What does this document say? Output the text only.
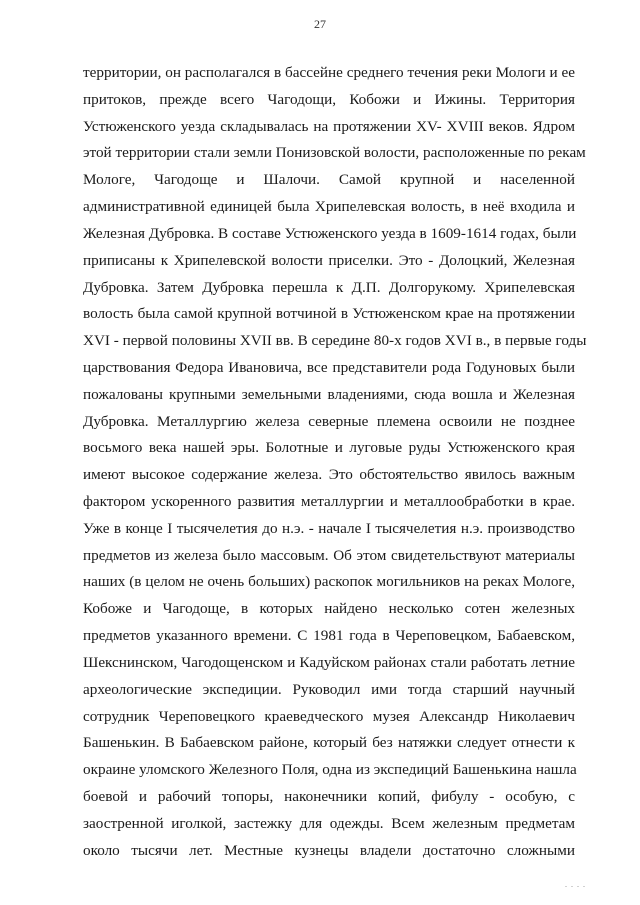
27
территории, он располагался в бассейне среднего течения реки Мологи и ее
притоков, прежде всего Чагодощи, Кобожи и Ижины. Территория
Устюженского уезда складывалась на протяжении XV- XVIII веков. Ядром
этой территории стали земли Понизовской волости, расположенные по рекам
Мологе, Чагодоще и Шалочи. Самой крупной и населенной
административной единицей была Хрипелевская волость, в неё входила и
Железная Дубровка. В составе Устюженского уезда в 1609-1614 годах, были
приписаны к Хрипелевской волости приселки. Это - Долоцкий, Железная
Дубровка. Затем Дубровка перешла к Д.П. Долгорукому. Хрипелевская
волость была самой крупной вотчиной в Устюженском крае на протяжении
XVI - первой половины XVII вв. В середине 80-х годов XVI в., в первые годы
царствования Федора Ивановича, все представители рода Годуновых были
пожалованы крупными земельными владениями, сюда вошла и Железная
Дубровка. Металлургию железа северные племена освоили не позднее
восьмого века нашей эры. Болотные и луговые руды Устюженского края
имеют высокое содержание железа. Это обстоятельство явилось важным
фактором ускоренного развития металлургии и металлообработки в крае.
Уже в конце I тысячелетия до н.э. - начале I тысячелетия н.э. производство
предметов из железа было массовым. Об этом свидетельствуют материалы
наших (в целом не очень больших) раскопок могильников на реках Мологе,
Кобоже и Чагодоще, в которых найдено несколько сотен железных
предметов указанного времени. С 1981 года в Череповецком, Бабаевском,
Шекснинском, Чагодощенском и Кадуйском районах стали работать летние
археологические экспедиции. Руководил ими тогда старший научный
сотрудник Череповецкого краеведческого музея Александр Николаевич
Башенькин. В Бабаевском районе, который без натяжки следует отнести к
окраине уломского Железного Поля, одна из экспедиций Башенькина нашла
боевой и рабочий топоры, наконечники копий, фибулу - особую, с
заостренной иголкой, застежку для одежды. Всем железным предметам
около тысячи лет. Местные кузнецы владели достаточно сложными
. . . .
